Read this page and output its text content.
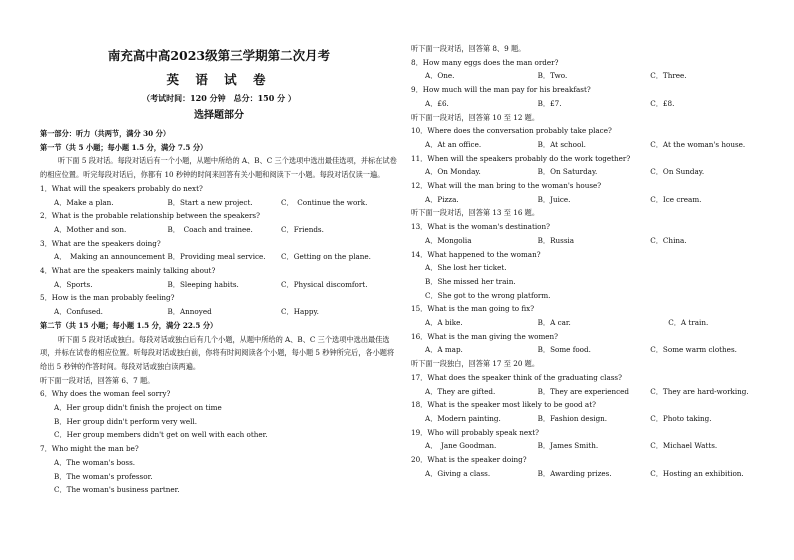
南充高中高2023级第三学期第二次月考
英 语 试 卷
（考试时间：120 分钟　总分：150 分 ）
选择题部分
第一部分：听力（共两节，满分 30 分）
第一节（共 5 小题；每小题 1.5 分，满分 7.5 分）
听下面 5 段对话。每段对话后有一个小题，从题中所给的 A、B、C 三个选项中选出最佳选项，并标在试卷的相应位置。听完每段对话后，你都有 10 秒钟的时间来回答有关小题和阅读下一小题。每段对话仅读一遍。
1．What will the speakers probably do next?
A．Make a plan.	B．Start a new project.	C．　Continue the work.
2．What is the probable relationship between the speakers?
A．Mother and son.	B．　Coach and trainee.	C．Friends.
3．What are the speakers doing?
A．　Making an announcement B．Providing meal service.	C．Getting on the plane.
4．What are the speakers mainly talking about?
A．Sports.	B．Sleeping habits.	C．Physical discomfort.
5．How is the man probably feeling?
A．Confused.	B．Annoyed	C．Happy.
第二节（共 15 小题；每小题 1.5 分，满分 22.5 分）
听下面 5 段对话或独白。每段对话或独白后有几个小题，从题中所给的 A、B、C 三个选项中选出最佳选项，并标在试卷的相应位置。听每段对话或独白前，你将有时间阅读各个小题，每小题 5 秒钟所完后，各小题将给出 5 秒钟的作答时间。每段对话或独白读两遍。
听下面一段对话，回答第 6、7 题。
6．Why does the woman feel sorry?
A．Her group didn't finish the project on time
B．Her group didn't perform very well.
C．Her group members didn't get on well with each other.
7．Who might the man be?
A．The woman's boss.
B．The woman's professor.
C．The woman's business partner.
听下面一段对话，回答第 8、9 题。
8．How many eggs does the man order?
A．One.	B．Two.	C．Three.
9．How much will the man pay for his breakfast?
A．£6.	B．£7.	C．£8.
听下面一段对话，回答第 10 至 12 题。
10．Where does the conversation probably take place?
A．At an office.	B．At school.	C．At the woman's house.
11．When will the speakers probably do the work together?
A．On Monday.	B．On Saturday.	C．On Sunday.
12．What will the man bring to the woman's house?
A．Pizza.	B．Juice.	C．Ice cream.
听下面一段对话，回答第 13 至 16 题。
13．What is the woman's destination?
A．Mongolia	B．Russia	C．China.
14．What happened to the woman?
A．She lost her ticket.
B．She missed her train.
C．She got to the wrong platform.
15．What is the man going to fix?
A．A bike.	B．A car.	C．A train.
16．What is the man giving the women?
A．A map.	B．Some food.	C．Some warm clothes.
听下面一段独白，回答第 17 至 20 题。
17．What does the speaker think of the graduating class?
A．They are gifted.	B．They are experienced	C．They are hard-working.
18．What is the speaker most likely to be good at?
A．Modern painting.	B．Fashion design.	C．Photo taking.
19．Who will probably speak next?
A．　Jane Goodman.	B．James Smith.	C．Michael Watts.
20．What is the speaker doing?
A．Giving a class.	B．Awarding prizes.	C．Hosting an exhibition.
